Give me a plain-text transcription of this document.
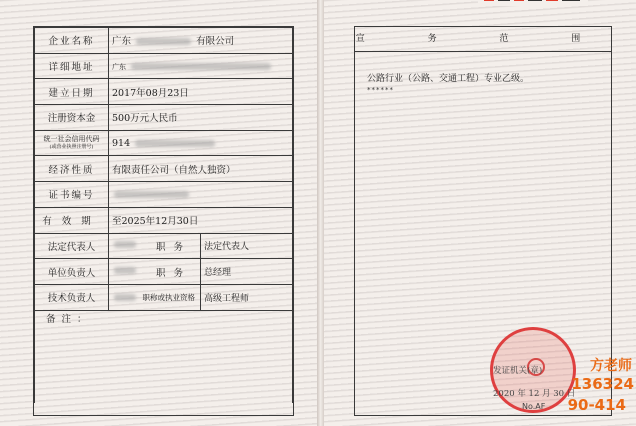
企业名称	广东 有限公司	
详细地址	广东	
建立日期	2017年08月23日	
注册资本金	500万元人民币	

统一社会信用代码
(或营业执照注册号)	914	
经济性质	有限责任公司（自然人独资）	
证书编号		
有效期	至2025年12月30日	
法定代表人	职务	法定代表人
单位负责人	职务	总经理
技术负责人	职称或执业资格	高级工程师
备注：		
宣 务 范 围
公路行业（公路、交通工程）专业乙级。
******
发证机关(章)
2020 年 12 月 30 日
No.AF
方老师
136324
90-414
